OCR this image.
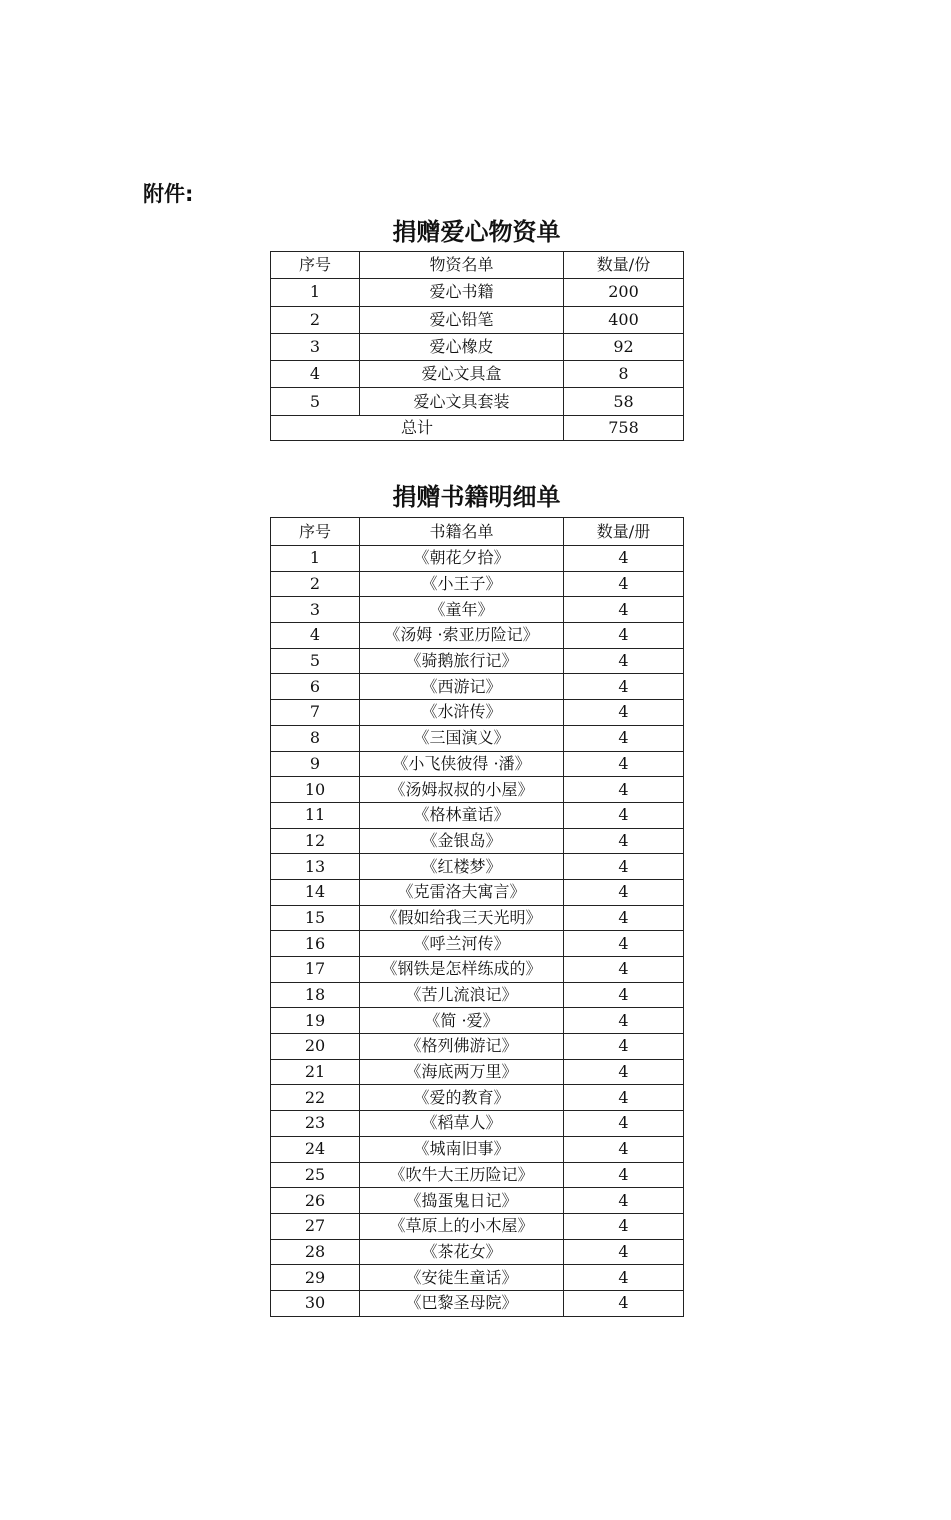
附件:
捐赠爱心物资单
序号	物资名单	数量/份
1	爱心书籍	200
2	爱心铅笔	400
3	爱心橡皮	92
4	爱心文具盒	8
5	爱心文具套装	58
总计		758
捐赠书籍明细单
序号	书籍名单	数量/册
1	《朝花夕拾》	4
2	《小王子》	4
3	《童年》	4
4	《汤姆 ·索亚历险记》	4
5	《骑鹅旅行记》	4
6	《西游记》	4
7	《水浒传》	4
8	《三国演义》	4
9	《小飞侠彼得 ·潘》	4
10	《汤姆叔叔的小屋》	4
11	《格林童话》	4
12	《金银岛》	4
13	《红楼梦》	4
14	《克雷洛夫寓言》	4
15	《假如给我三天光明》	4
16	《呼兰河传》	4
17	《钢铁是怎样练成的》	4
18	《苦儿流浪记》	4
19	《简 ·爱》	4
20	《格列佛游记》	4
21	《海底两万里》	4
22	《爱的教育》	4
23	《稻草人》	4
24	《城南旧事》	4
25	《吹牛大王历险记》	4
26	《捣蛋鬼日记》	4
27	《草原上的小木屋》	4
28	《茶花女》	4
29	《安徒生童话》	4
30	《巴黎圣母院》	4
